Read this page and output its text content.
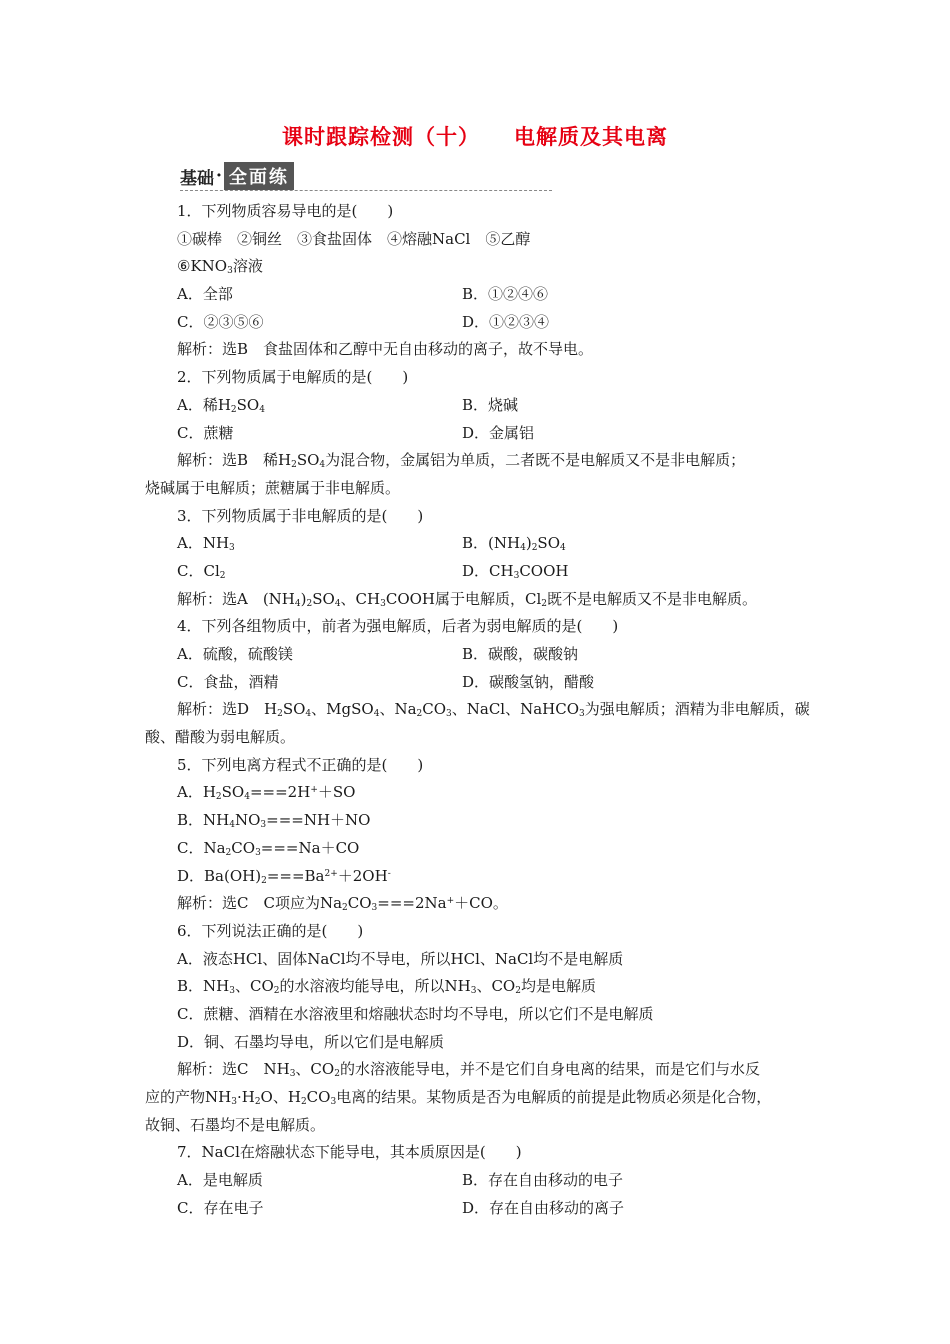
课时跟踪检测（十） 电解质及其电离
基础 · 全面练
1．下列物质容易导电的是(　　)
①碳棒　②铜丝　③食盐固体　④熔融NaCl　⑤乙醇
$⑥KNO_3$溶液
A．全部	B．①②④⑥
C．②③⑤⑥	D．①②③④
解析：选B　食盐固体和乙醇中无自由移动的离子，故不导电。
2．下列物质属于电解质的是(　　)
A．稀$H_2SO_4$	B．烧碱
C．蔗糖	D．金属铝
解析：选B　稀$H_2SO_4$为混合物，金属铝为单质，二者既不是电解质又不是非电解质；
烧碱属于电解质；蔗糖属于非电解质。
3．下列物质属于非电解质的是(　　)
A．$NH_3$	B．$(NH_4)_2SO_4$
C．$Cl_2$	D．$CH_3COOH$
解析：选A　$(NH_4)_2SO_4$、$CH_3COOH$属于电解质，$Cl_2$既不是电解质又不是非电解质。
4．下列各组物质中，前者为强电解质，后者为弱电解质的是(　　)
A．硫酸，硫酸镁	B．碳酸，碳酸钠
C．食盐，酒精	D．碳酸氢钠，醋酸
解析：选D　$H_2SO_4$、MgSO$_4$、$Na_2CO_3$、NaCl、NaHCO$_3$为强电解质；酒精为非电解质，碳
酸、醋酸为弱电解质。
5．下列电离方程式不正确的是(　　)
A．$H_2SO_4===2H^++SO$
B．$NH_4NO_3===NH+NO$
C．$Na_2CO_3===Na+CO$
D．$Ba(OH)_2===Ba^{2+}+2OH^-$
解析：选C　C项应为$Na_2CO_3===2Na^++CO$。
6．下列说法正确的是(　　)
A．液态HCl、固体NaCl均不导电，所以HCl、NaCl均不是电解质
B．$NH_3$、$CO_2$的水溶液均能导电，所以$NH_3$、$CO_2$均是电解质
C．蔗糖、酒精在水溶液里和熔融状态时均不导电，所以它们不是电解质
D．铜、石墨均导电，所以它们是电解质
解析：选C　$NH_3$、$CO_2$的水溶液能导电，并不是它们自身电离的结果，而是它们与水反
应的产物$NH_3\cdot H_2O$、$H_2CO_3$电离的结果。某物质是否为电解质的前提是此物质必须是化合物，
故铜、石墨均不是电解质。
7．NaCl在熔融状态下能导电，其本质原因是(　　)
A．是电解质	B．存在自由移动的电子
C．存在电子	D．存在自由移动的离子
